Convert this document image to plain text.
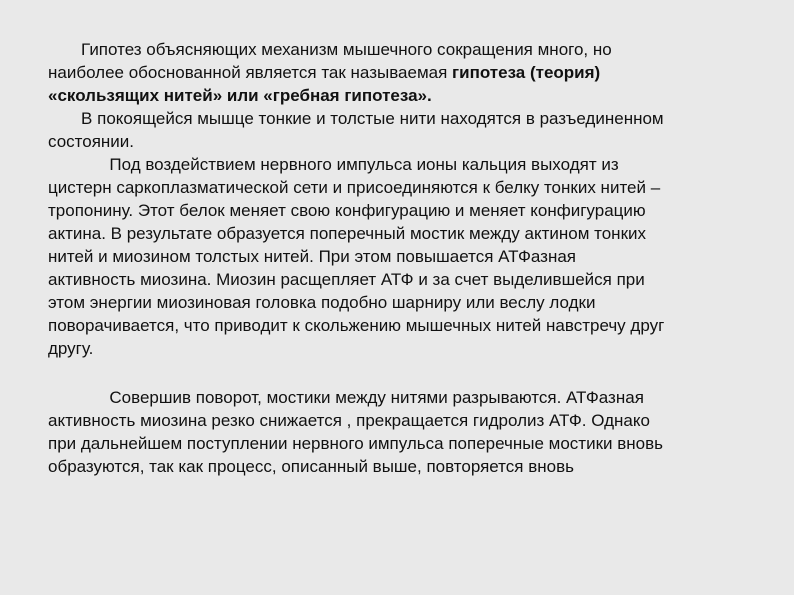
Гипотез объясняющих механизм мышечного сокращения много, но
наиболее обоснованной является так называемая гипотеза (теория)
«скользящих нитей» или «гребная гипотеза».
В покоящейся мышце тонкие и толстые нити находятся в разъединенном
состоянии.
Под воздействием нервного импульса ионы кальция выходят из
цистерн саркоплазматической сети и присоединяются к белку тонких нитей –
тропонину. Этот белок меняет свою конфигурацию и меняет конфигурацию
актина. В результате образуется поперечный мостик между актином тонких
нитей и миозином толстых нитей. При этом повышается АТФазная
активность миозина. Миозин расщепляет АТФ и за счет выделившейся при
этом энергии миозиновая головка подобно шарниру или веслу лодки
поворачивается, что приводит к скольжению мышечных нитей навстречу друг
другу.
Совершив поворот, мостики между нитями разрываются. АТФазная
активность миозина резко снижается , прекращается гидролиз АТФ. Однако
при дальнейшем поступлении нервного импульса поперечные мостики вновь
образуются, так как процесс, описанный выше, повторяется вновь
